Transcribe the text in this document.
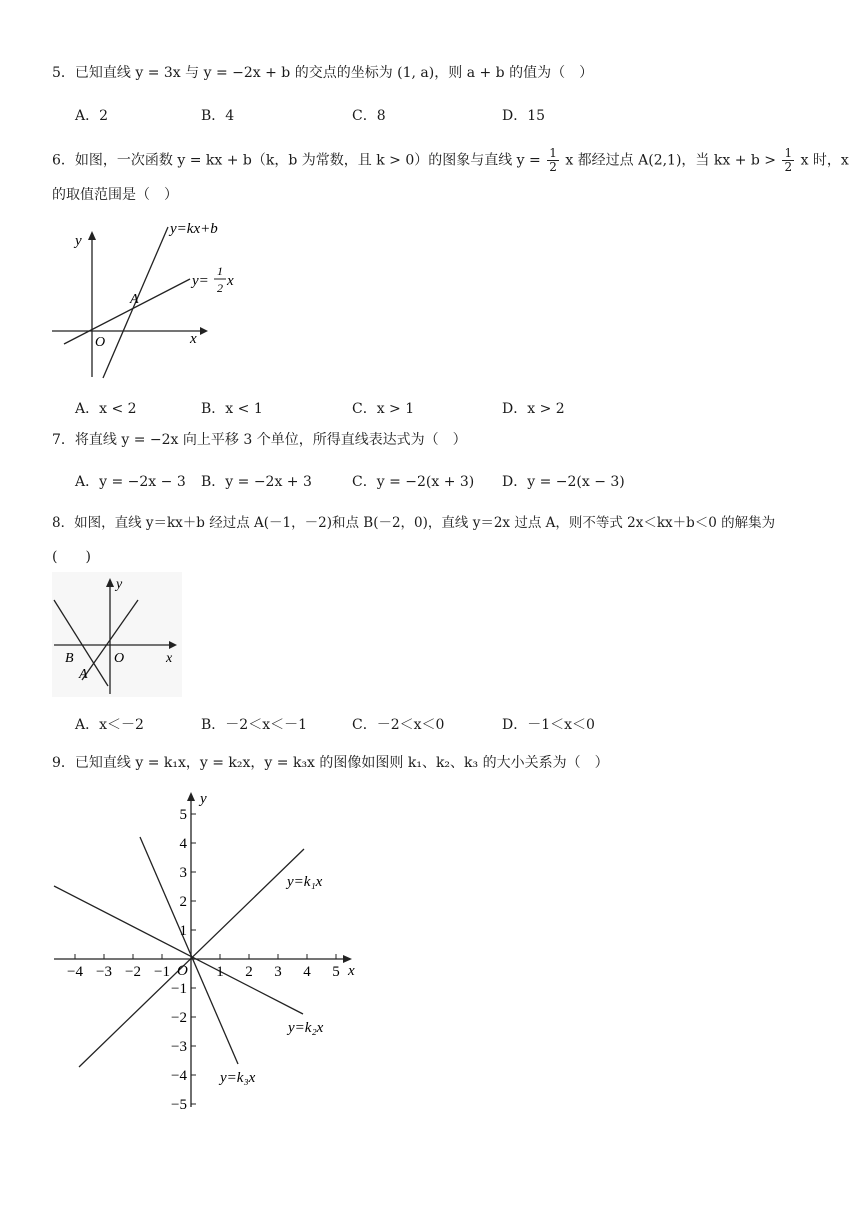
5．已知直线 y = 3x 与 y = −2x + b 的交点的坐标为 (1, a)，则 a + b 的值为（　）
A．2	B．4	C．8	D．15
6．如图，一次函数 y = kx + b（k，b 为常数，且 k > 0）的图象与直线 $y = \frac{1}{2}$ x 都经过点 A(2,1)，当 kx + $b > \frac{1}{2}$ x 时，x
的取值范围是（　）
y
x
O
A
y=kx+b
y=
1
2 x
A．x < 2	B．x < 1	C．x > 1	D．x > 2
7．将直线 y = −2x 向上平移 3 个单位，所得直线表达式为（　）
A．y = −2x − 3 B．y = −2x + 3	C．y = −2(x + 3) D．y = −2(x − 3)
8．如图，直线 y＝kx＋b 经过点 A(－1，－2)和点 B(－2，0)，直线 y＝2x 过点 A，则不等式 2x＜kx＋b＜0 的解集为
(　　)
y
x
O
B
A
A．x＜－2	B．－2＜x＜－1	C．－2＜x＜0	D．－1＜x＜0
9．已知直线 y = k₁x，y = k₂x，y = k₃x 的图像如图则 k₁、k₂、k₃ 的大小关系为（　）
−4 −3 −2 −1	1 2 3 4 5
5
4
3
2
1
−1
−2
−3
−4
−5
O
y
x
y=k₁x
y=k₂x
y=k₃x
